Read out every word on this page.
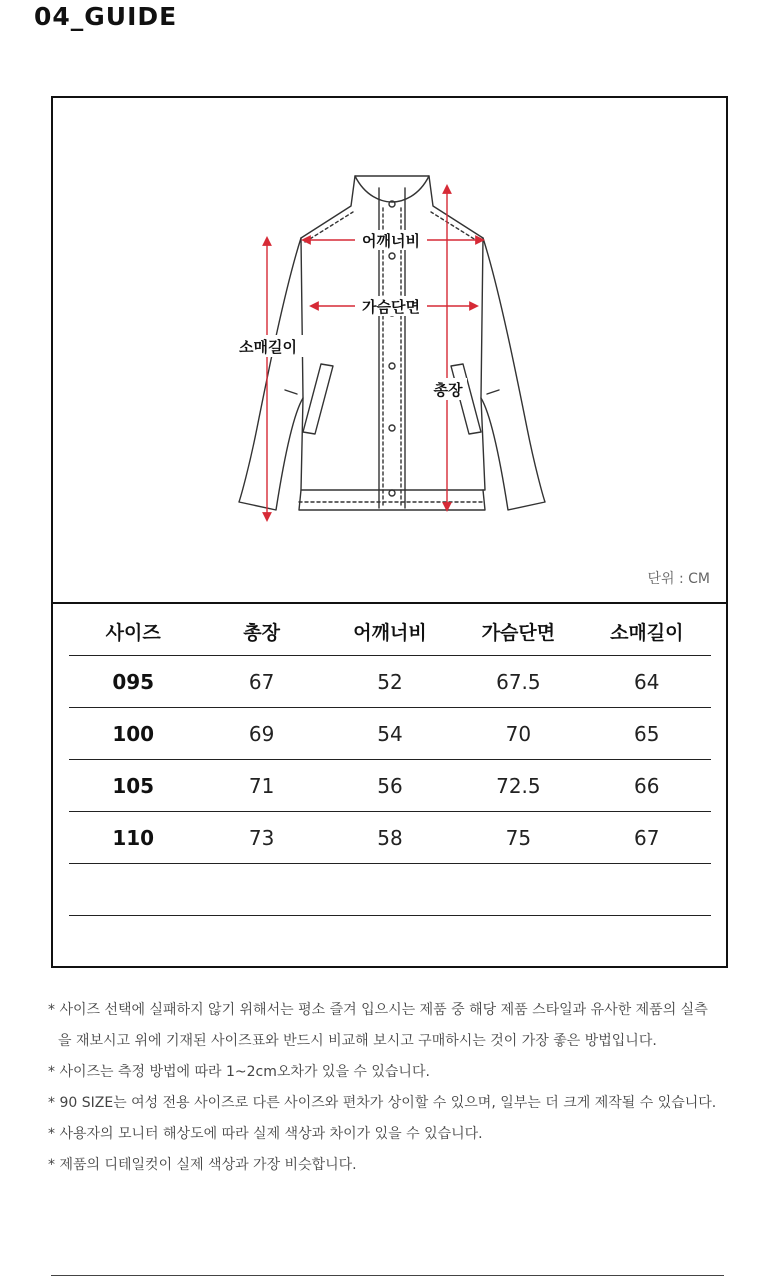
04_GUIDE
어깨너비
가슴단면
소매길이
총장
단위 : CM
사이즈	총장	어깨너비	가슴단면	소매길이
095	67	52	67.5	64
100	69	54	70	65
105	71	56	72.5	66
110	73	58	75	67

* 사이즈 선택에 실패하지 않기 위해서는 평소 즐겨 입으시는 제품 중 해당 제품 스타일과 유사한 제품의 실측
을 재보시고 위에 기재된 사이즈표와 반드시 비교해 보시고 구매하시는 것이 가장 좋은 방법입니다.
* 사이즈는 측정 방법에 따라 1~2cm오차가 있을 수 있습니다.
* 90 SIZE는 여성 전용 사이즈로 다른 사이즈와 편차가 상이할 수 있으며, 일부는 더 크게 제작될 수 있습니다.
* 사용자의 모니터 해상도에 따라 실제 색상과 차이가 있을 수 있습니다.
* 제품의 디테일컷이 실제 색상과 가장 비슷합니다.
